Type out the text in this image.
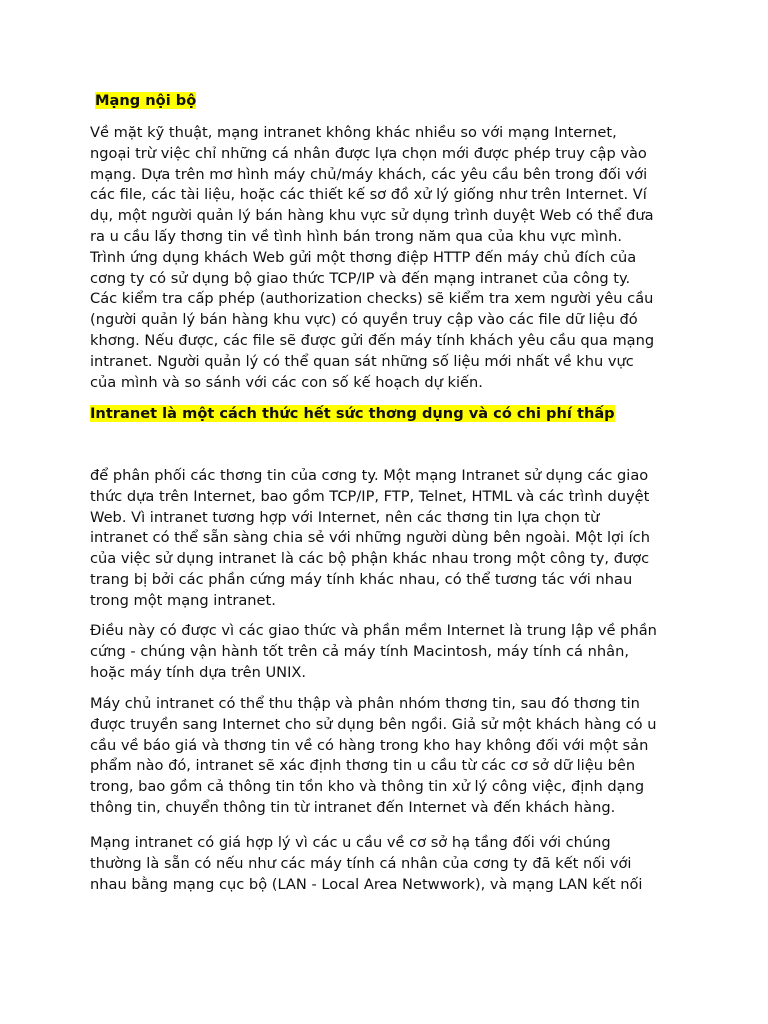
Mạng nội bộ
Về mặt kỹ thuật, mạng intranet không khác nhiều so với mạng Internet,
ngoại trừ việc chỉ những cá nhân được lựa chọn mới được phép truy cập vào
mạng. Dựa trên mơ hình máy chủ/máy khách, các yêu cầu bên trong đối với
các file, các tài liệu, hoặc các thiết kế sơ đồ xử lý giống như trên Internet. Ví
dụ, một người quản lý bán hàng khu vực sử dụng trình duyệt Web có thể đưa
ra u cầu lấy thơng tin về tình hình bán trong năm qua của khu vực mình.
Trình ứng dụng khách Web gửi một thơng điệp HTTP đến máy chủ đích của
cơng ty có sử dụng bộ giao thức TCP/IP và đến mạng intranet của công ty.
Các kiểm tra cấp phép (authorization checks) sẽ kiểm tra xem người yêu cầu
(người quản lý bán hàng khu vực) có quyền truy cập vào các file dữ liệu đó
khơng. Nếu được, các file sẽ được gửi đến máy tính khách yêu cầu qua mạng
intranet. Người quản lý có thể quan sát những số liệu mới nhất về khu vực
của mình và so sánh với các con số kế hoạch dự kiến.
Intranet là một cách thức hết sức thơng dụng và có chi phí thấp
để phân phối các thơng tin của cơng ty. Một mạng Intranet sử dụng các giao
thức dựa trên Internet, bao gồm TCP/IP, FTP, Telnet, HTML và các trình duyệt
Web. Vì intranet tương hợp với Internet, nên các thơng tin lựa chọn từ
intranet có thể sẵn sàng chia sẻ với những người dùng bên ngoài. Một lợi ích
của việc sử dụng intranet là các bộ phận khác nhau trong một công ty, được
trang bị bởi các phần cứng máy tính khác nhau, có thể tương tác với nhau
trong một mạng intranet.
Điều này có được vì các giao thức và phần mềm Internet là trung lập về phần
cứng - chúng vận hành tốt trên cả máy tính Macintosh, máy tính cá nhân,
hoặc máy tính dựa trên UNIX.
Máy chủ intranet có thể thu thập và phân nhóm thơng tin, sau đó thơng tin
được truyền sang Internet cho sử dụng bên ngồi. Giả sử một khách hàng có u
cầu về báo giá và thơng tin về có hàng trong kho hay không đối với một sản
phẩm nào đó, intranet sẽ xác định thơng tin u cầu từ các cơ sở dữ liệu bên
trong, bao gồm cả thông tin tồn kho và thông tin xử lý công việc, định dạng
thông tin, chuyển thông tin từ intranet đến Internet và đến khách hàng.
Mạng intranet có giá hợp lý vì các u cầu về cơ sở hạ tầng đối với chúng
thường là sẵn có nếu như các máy tính cá nhân của cơng ty đã kết nối với
nhau bằng mạng cục bộ (LAN - Local Area Netwwork), và mạng LAN kết nối
